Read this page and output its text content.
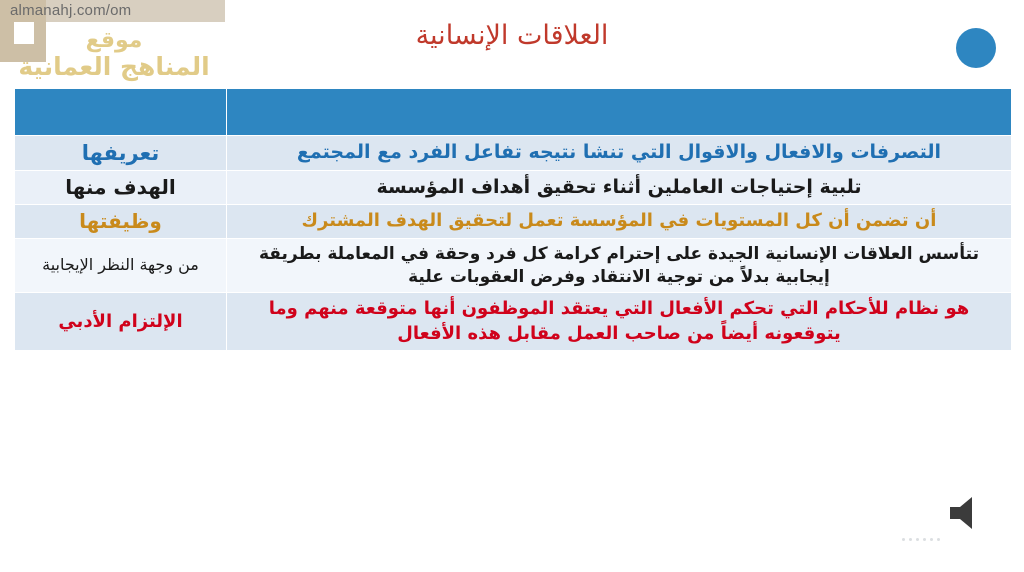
almanahj.com/om
موقع
المناهج العمانية
العلاقات الإنسانية

التصرفات والافعال والاقوال التي تنشا نتيجه تفاعل الفرد مع المجتمع	تعريفها
تلبية إحتياجات العاملين أثناء تحقيق أهداف المؤسسة	الهدف منها
أن تضمن أن كل المستويات في المؤسسة تعمل لتحقيق الهدف المشترك	وظيفتها
تتأسس العلاقات الإنسانية الجيدة على إحترام كرامة كل فرد وحقة في المعاملة بطريقة إيجابية بدلاً من توجية الانتقاد وفرض العقوبات علية	من وجهة النظر الإيجابية
هو نظام للأحكام التي تحكم الأفعال التي يعتقد الموظفون أنها متوقعة منهم وما يتوقعونه أيضاً من صاحب العمل مقابل هذه الأفعال	الإلتزام الأدبي
